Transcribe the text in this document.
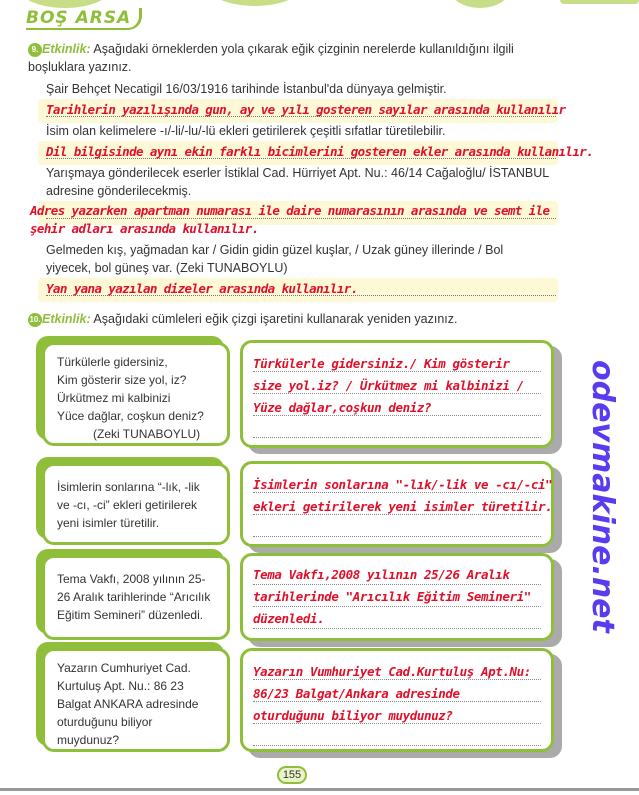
BOŞ ARSA
9. Etkinlik: Aşağıdaki örneklerden yola çıkarak eğik çizginin nerelerde kullanıldığını ilgili
boşluklara yazınız.
Şair Behçet Necatigil 16/03/1916 tarihinde İstanbul'da dünyaya gelmiştir.
Tarihlerin yazılışında gun, ay ve yılı gosteren sayılar arasında kullanılır
İsim olan kelimelere -ı/-li/-lu/-lü ekleri getirilerek çeşitli sıfatlar türetilebilir.
Dil bilgisinde aynı ekin farklı bicimlerini gosteren ekler arasında kullanılır.
Yarışmaya gönderilecek eserler İstiklal Cad. Hürriyet Apt. Nu.: 46/14 Cağaloğlu/ İSTANBUL
adresine gönderilecekmiş.
Adres yazarken apartman numarası ile daire numarasının arasında ve semt ile
şehir adları arasında kullanılır.
Gelmeden kış, yağmadan kar / Gidin gidin güzel kuşlar, / Uzak güney illerinde / Bol
yiyecek, bol güneş var. (Zeki TUNABOYLU)
Yan yana yazılan dizeler arasında kullanılır.
10.Etkinlik: Aşağıdaki cümleleri eğik çizgi işaretini kullanarak yeniden yazınız.
Türkülerle gidersiniz,
Kim gösterir size yol, iz?
Ürkütmez mi kalbinizi
Yüce dağlar, coşkun deniz?
(Zeki TUNABOYLU)
Türkülerle gidersiniz./ Kim gösterir
size yol.iz? / Ürkütmez mi kalbinizi /
Yüze dağlar,coşkun deniz?
İsimlerin sonlarına “-lık, -lik
ve -cı, -ci” ekleri getirilerek
yeni isimler türetilir.
İsimlerin sonlarına "-lık/-lik ve -cı/-ci"
ekleri getirilerek yeni isimler türetilir.
Tema Vakfı, 2008 yılının 25-
26 Aralık tarihlerinde “Arıcılık
Eğitim Semineri” düzenledi.
Tema Vakfı,2008 yılının 25/26 Aralık
tarihlerinde "Arıcılık Eğitim Semineri"
düzenledi.
Yazarın Cumhuriyet Cad.
Kurtuluş Apt. Nu.: 86 23
Balgat ANKARA adresinde
oturduğunu biliyor
muydunuz?
Yazarın Vumhuriyet Cad.Kurtuluş Apt.Nu:
86/23 Balgat/Ankara adresinde
oturduğunu biliyor muydunuz?
odevmakine.net
155
